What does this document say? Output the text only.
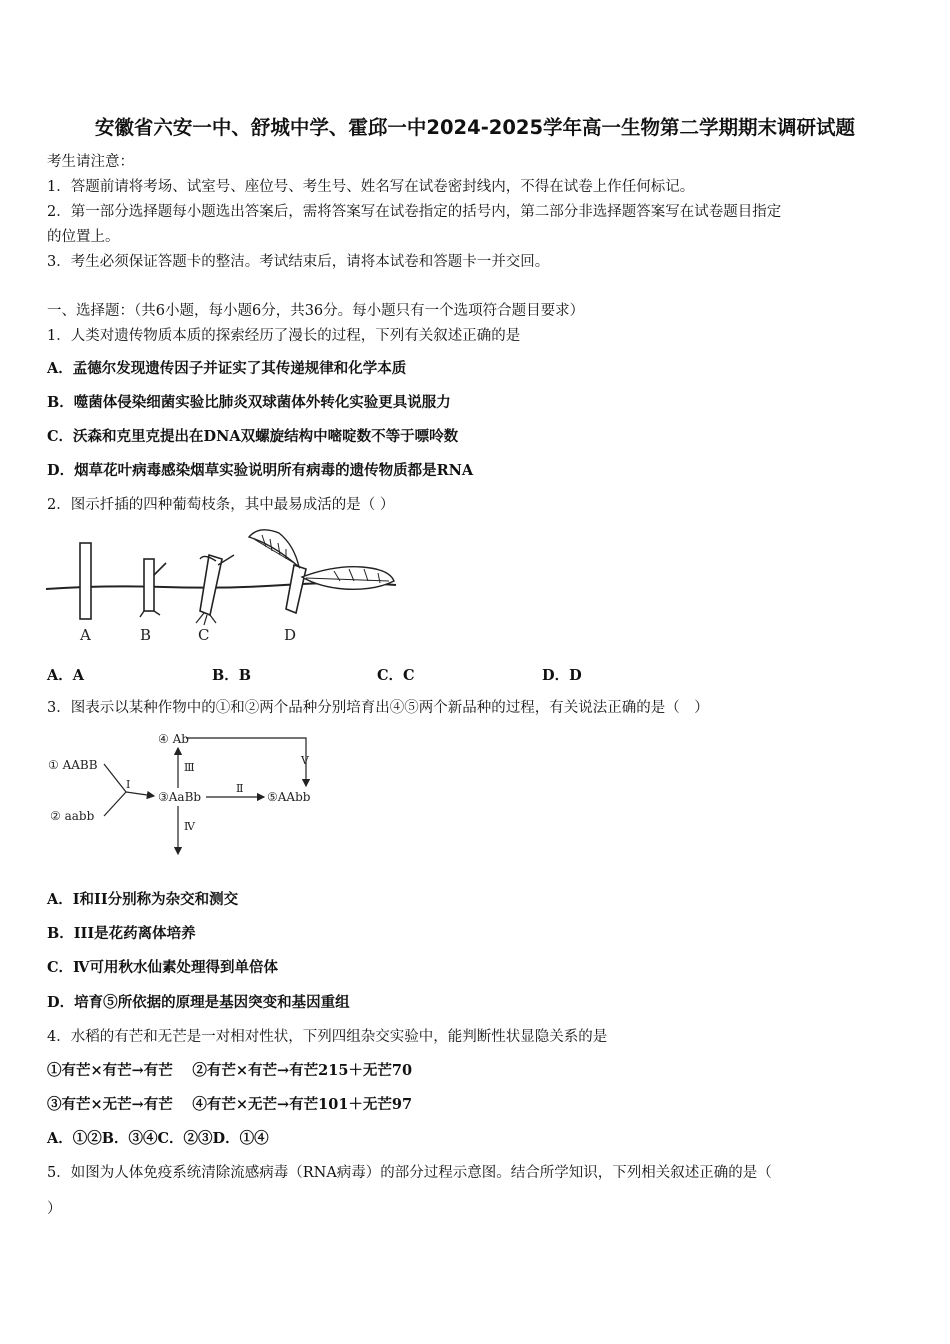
安徽省六安一中、舒城中学、霍邱一中2024-2025学年高一生物第二学期期末调研试题
考生请注意：
1．答题前请将考场、试室号、座位号、考生号、姓名写在试卷密封线内，不得在试卷上作任何标记。
2．第一部分选择题每小题选出答案后，需将答案写在试卷指定的括号内，第二部分非选择题答案写在试卷题目指定
的位置上。
3．考生必须保证答题卡的整洁。考试结束后，请将本试卷和答题卡一并交回。
一、选择题：（共6小题，每小题6分，共36分。每小题只有一个选项符合题目要求）
1．人类对遗传物质本质的探索经历了漫长的过程，下列有关叙述正确的是
A．孟德尔发现遗传因子并证实了其传递规律和化学本质
B．噬菌体侵染细菌实验比肺炎双球菌体外转化实验更具说服力
C．沃森和克里克提出在DNA双螺旋结构中嘧啶数不等于嘌呤数
D．烟草花叶病毒感染烟草实验说明所有病毒的遗传物质都是RNA
2．图示扦插的四种葡萄枝条，其中最易成活的是（ ）
A	B	C	D
A．A	B．B	C．C	D．D
3．图表示以某种作物中的①和②两个品种分别培育出④⑤两个新品种的过程，有关说法正确的是（　）
① AABB
② aabb
③AaBb
④ Ab
⑤AAbb
I
Ⅲ
Ⅱ
Ⅳ
V
A．I和II分别称为杂交和测交
B．III是花药离体培养
C．Ⅳ可用秋水仙素处理得到单倍体
D．培育⑤所依据的原理是基因突变和基因重组
4．水稻的有芒和无芒是一对相对性状，下列四组杂交实验中，能判断性状显隐关系的是
①有芒×有芒→有芒　 ②有芒×有芒→有芒215＋无芒70
③有芒×无芒→有芒　 ④有芒×无芒→有芒101＋无芒97
A．①②B．③④C．②③D．①④
5．如图为人体免疫系统清除流感病毒（RNA病毒）的部分过程示意图。结合所学知识，下列相关叙述正确的是（
）
